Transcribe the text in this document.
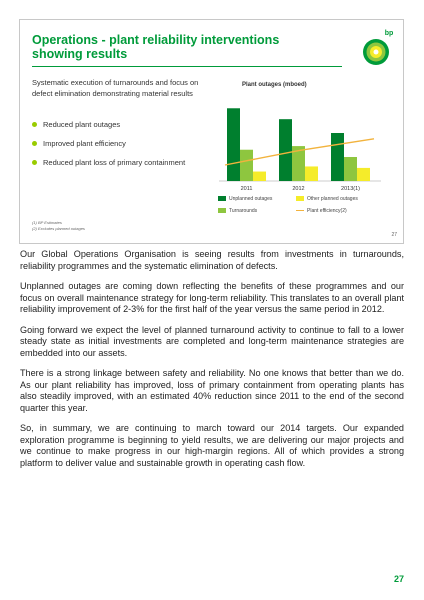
Operations - plant reliability interventions showing results
bp
Systematic execution of turnarounds and focus on defect elimination demonstrating material results
Reduced plant outages
Improved plant efficiency
Reduced plant loss of primary containment
Plant outages (mboed)
2011	2012	2013(1)
Unplanned outages	Other planned outages
Turnarounds	Plant efficiency(2)
(1) BP Estimates
(2) Excludes planned outages
27

Our Global Operations Organisation is seeing results from investments in turnarounds, reliability programmes and the systematic elimination of defects.

Unplanned outages are coming down reflecting the benefits of these programmes and our focus on overall maintenance strategy for long-term reliability. This translates to an overall plant reliability improvement of 2-3% for the first half of the year versus the same period in 2012.

Going forward we expect the level of planned turnaround activity to continue to fall to a lower steady state as initial investments are completed and long-term maintenance strategies are embedded into our assets.

There is a strong linkage between safety and reliability. No one knows that better than we do. As our plant reliability has improved, loss of primary containment from operating plants has also steadily improved, with an estimated 40% reduction since 2011 to the end of the second quarter this year.

So, in summary, we are continuing to march toward our 2014 targets. Our expanded exploration programme is beginning to yield results, we are delivering our major projects and we continue to make progress in our high-margin regions. All of which provides a strong platform to deliver value and sustainable growth in operating cash flow.

27
